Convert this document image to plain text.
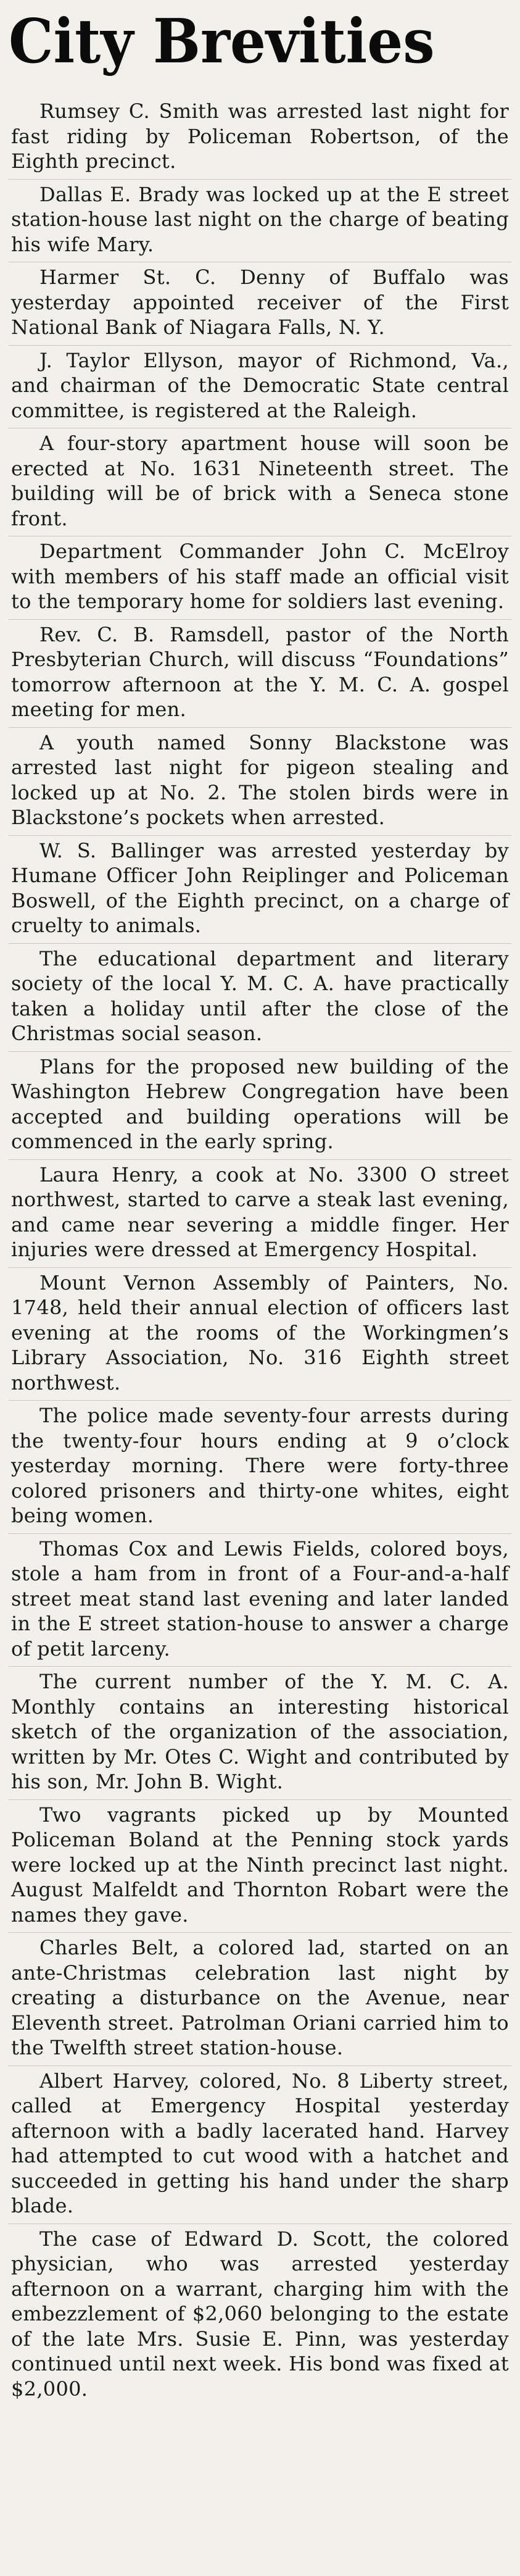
City Brevities

Rumsey C. Smith was arrested last night for fast riding by Policeman Robertson, of the Eighth precinct.

Dallas E. Brady was locked up at the E street station-house last night on the charge of beating his wife Mary.

Harmer St. C. Denny of Buffalo was yesterday appointed receiver of the First National Bank of Niagara Falls, N. Y.

J. Taylor Ellyson, mayor of Richmond, Va., and chairman of the Democratic State central committee, is registered at the Raleigh.

A four-story apartment house will soon be erected at No. 1631 Nineteenth street. The building will be of brick with a Seneca stone front.

Department Commander John C. McElroy with members of his staff made an official visit to the temporary home for soldiers last evening.

Rev. C. B. Ramsdell, pastor of the North Presbyterian Church, will discuss “Foundations” tomorrow afternoon at the Y. M. C. A. gospel meeting for men.

A youth named Sonny Blackstone was arrested last night for pigeon stealing and locked up at No. 2. The stolen birds were in Blackstone’s pockets when arrested.

W. S. Ballinger was arrested yesterday by Humane Officer John Reiplinger and Policeman Boswell, of the Eighth precinct, on a charge of cruelty to animals.

The educational department and literary society of the local Y. M. C. A. have practically taken a holiday until after the close of the Christmas social season.

Plans for the proposed new building of the Washington Hebrew Congregation have been accepted and building operations will be commenced in the early spring.

Laura Henry, a cook at No. 3300 O street northwest, started to carve a steak last evening, and came near severing a middle finger. Her injuries were dressed at Emergency Hospital.

Mount Vernon Assembly of Painters, No. 1748, held their annual election of officers last evening at the rooms of the Workingmen’s Library Association, No. 316 Eighth street northwest.

The police made seventy-four arrests during the twenty-four hours ending at 9 o’clock yesterday morning. There were forty-three colored prisoners and thirty-one whites, eight being women.

Thomas Cox and Lewis Fields, colored boys, stole a ham from in front of a Four-and-a-half street meat stand last evening and later landed in the E street station-house to answer a charge of petit larceny.

The current number of the Y. M. C. A. Monthly contains an interesting historical sketch of the organization of the association, written by Mr. Otes C. Wight and contributed by his son, Mr. John B. Wight.

Two vagrants picked up by Mounted Policeman Boland at the Penning stock yards were locked up at the Ninth precinct last night. August Malfeldt and Thornton Robart were the names they gave.

Charles Belt, a colored lad, started on an ante-Christmas celebration last night by creating a disturbance on the Avenue, near Eleventh street. Patrolman Oriani carried him to the Twelfth street station-house.

Albert Harvey, colored, No. 8 Liberty street, called at Emergency Hospital yesterday afternoon with a badly lacerated hand. Harvey had attempted to cut wood with a hatchet and succeeded in getting his hand under the sharp blade.

The case of Edward D. Scott, the colored physician, who was arrested yesterday afternoon on a warrant, charging him with the embezzlement of $2,060 belonging to the estate of the late Mrs. Susie E. Pinn, was yesterday continued until next week. His bond was fixed at $2,000.
